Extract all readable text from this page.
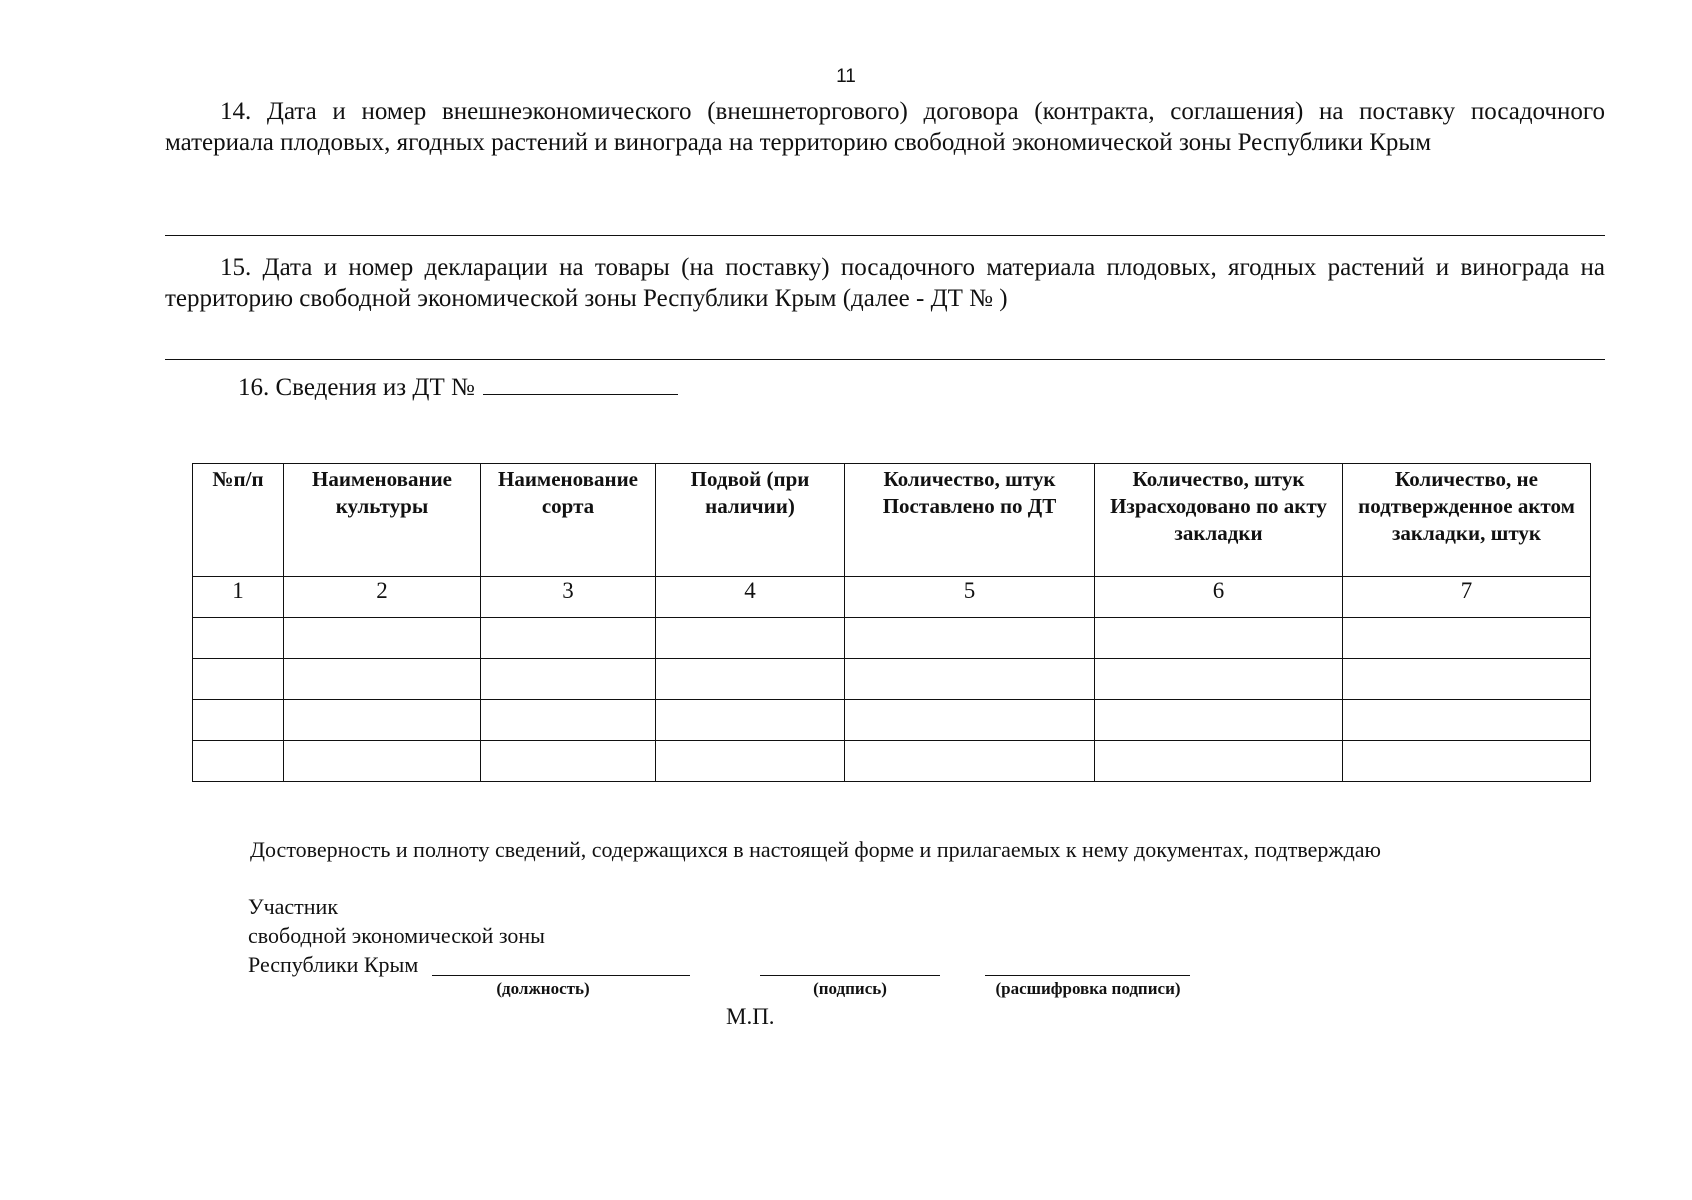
11

14. Дата и номер внешнеэкономического (внешнеторгового) договора (контракта, соглашения) на поставку посадочного материала плодовых, ягодных растений и винограда на территорию свободной экономической зоны Республики Крым

15. Дата и номер декларации на товары (на поставку) посадочного материала плодовых, ягодных растений и винограда на территорию свободной экономической зоны Республики Крым (далее - ДТ № )

16. Сведения из ДТ №
№п/п	Наименование культуры	Наименование сорта	Подвой (при наличии)	Количество, штук Поставлено по ДТ	Количество, штук Израсходовано по акту закладки	Количество, не подтвержденное актом закладки, штук
1	2	3	4	5	6	7

Достоверность и полноту сведений, содержащихся в настоящей форме и прилагаемых к нему документах, подтверждаю
Участник
свободной экономической зоны
Республики Крым
(должность)	(подпись)	(расшифровка подписи)
М.П.
